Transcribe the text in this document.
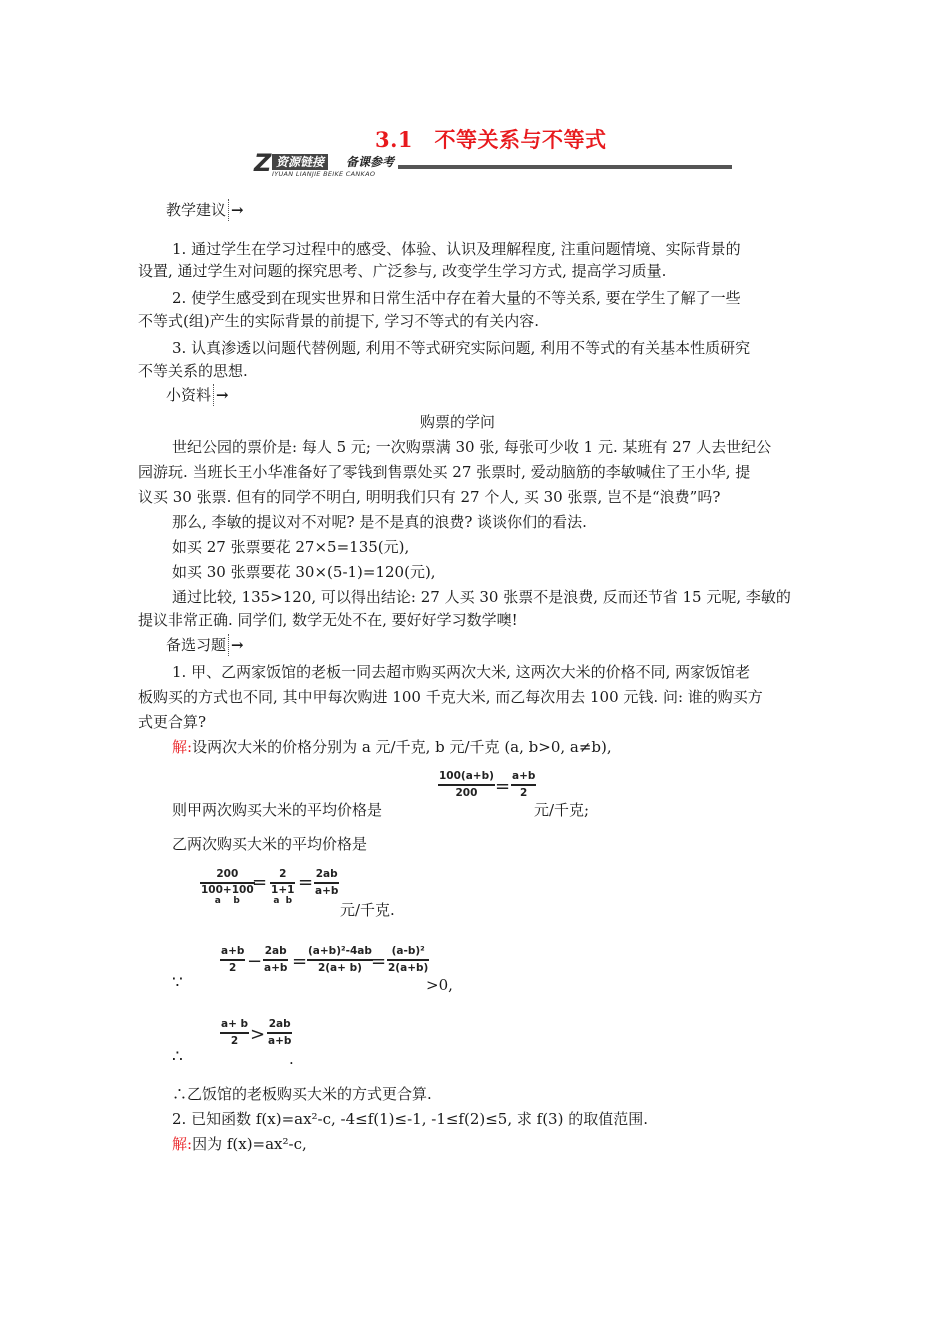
3.1　不等关系与不等式
Z 资源链接	备课参考
IYUAN LIANJIE BEIKE CANKAO
教学建议 →
1. 通过学生在学习过程中的感受、体验、认识及理解程度, 注重问题情境、实际背景的
设置, 通过学生对问题的探究思考、广泛参与, 改变学生学习方式, 提高学习质量.
2. 使学生感受到在现实世界和日常生活中存在着大量的不等关系, 要在学生了解了一些
不等式(组)产生的实际背景的前提下, 学习不等式的有关内容.
3. 认真渗透以问题代替例题, 利用不等式研究实际问题, 利用不等式的有关基本性质研究
不等关系的思想.
小资料 →
购票的学问
世纪公园的票价是: 每人 5 元; 一次购票满 30 张, 每张可少收 1 元. 某班有 27 人去世纪公
园游玩. 当班长王小华准备好了零钱到售票处买 27 张票时, 爱动脑筋的李敏喊住了王小华, 提
议买 30 张票. 但有的同学不明白, 明明我们只有 27 个人, 买 30 张票, 岂不是“浪费”吗?
那么, 李敏的提议对不对呢? 是不是真的浪费? 谈谈你们的看法.
如买 27 张票要花 27×5=135(元),
如买 30 张票要花 30×(5-1)=120(元),
通过比较, 135>120, 可以得出结论: 27 人买 30 张票不是浪费, 反而还节省 15 元呢, 李敏的
提议非常正确. 同学们, 数学无处不在, 要好好学习数学噢!
备选习题 →
1. 甲、乙两家饭馆的老板一同去超市购买两次大米, 这两次大米的价格不同, 两家饭馆老
板购买的方式也不同, 其中甲每次购进 100 千克大米, 而乙每次用去 100 元钱. 问: 谁的购买方
式更合算?
解:设两次大米的价格分别为 a 元/千克, b 元/千克 (a, b>0, a≠b),
100(a+b)
200 = a+b
2
则甲两次购买大米的平均价格是	元/千克;
乙两次购买大米的平均价格是
200
100+100
a b
=	2
1+1
a b
= 2ab
a+b
元/千克.
∵
a+b
2 − 2ab
a+b = (a+b)²-4ab
2(a+ b) = (a-b)²
2(a+b)
>0,
∴
a+ b
2 > 2ab
a+b
.
∴乙饭馆的老板购买大米的方式更合算.
2. 已知函数 f(x)=ax²-c, -4≤f(1)≤-1, -1≤f(2)≤5, 求 f(3) 的取值范围.
解:因为 f(x)=ax²-c,
